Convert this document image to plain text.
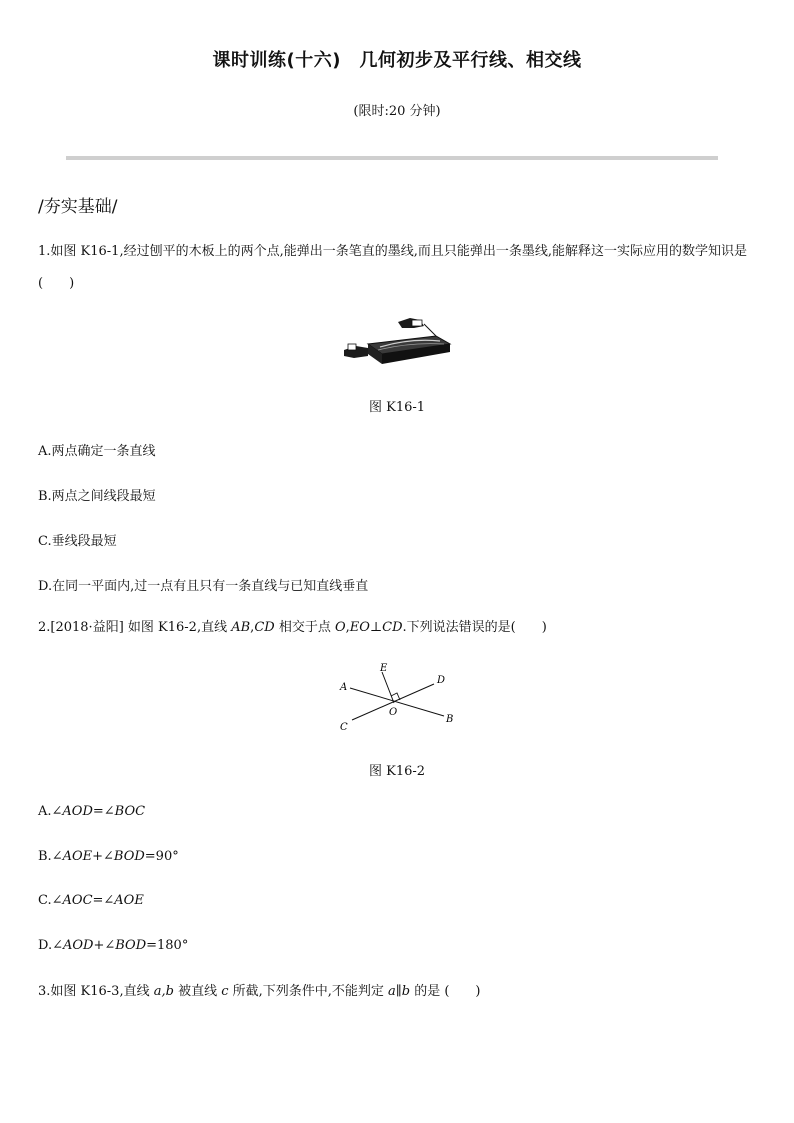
课时训练(十六)　几何初步及平行线、相交线
(限时:20 分钟)
/夯实基础/
1.如图 K16-1,经过刨平的木板上的两个点,能弹出一条笔直的墨线,而且只能弹出一条墨线,能解释这一实际应用的数学知识是　(　　)
图 K16-1
A.两点确定一条直线
B.两点之间线段最短
C.垂线段最短
D.在同一平面内,过一点有且只有一条直线与已知直线垂直
2.[2018·益阳] 如图 K16-2,直线 AB,CD 相交于点 O,EO⊥CD.下列说法错误的是(　　)
A
B
C
D
E
O
图 K16-2
A.∠AOD=∠BOC
B.∠AOE+∠BOD=90°
C.∠AOC=∠AOE
D.∠AOD+∠BOD=180°
3.如图 K16-3,直线 a,b 被直线 c 所截,下列条件中,不能判定 a∥b 的是 (　　)
